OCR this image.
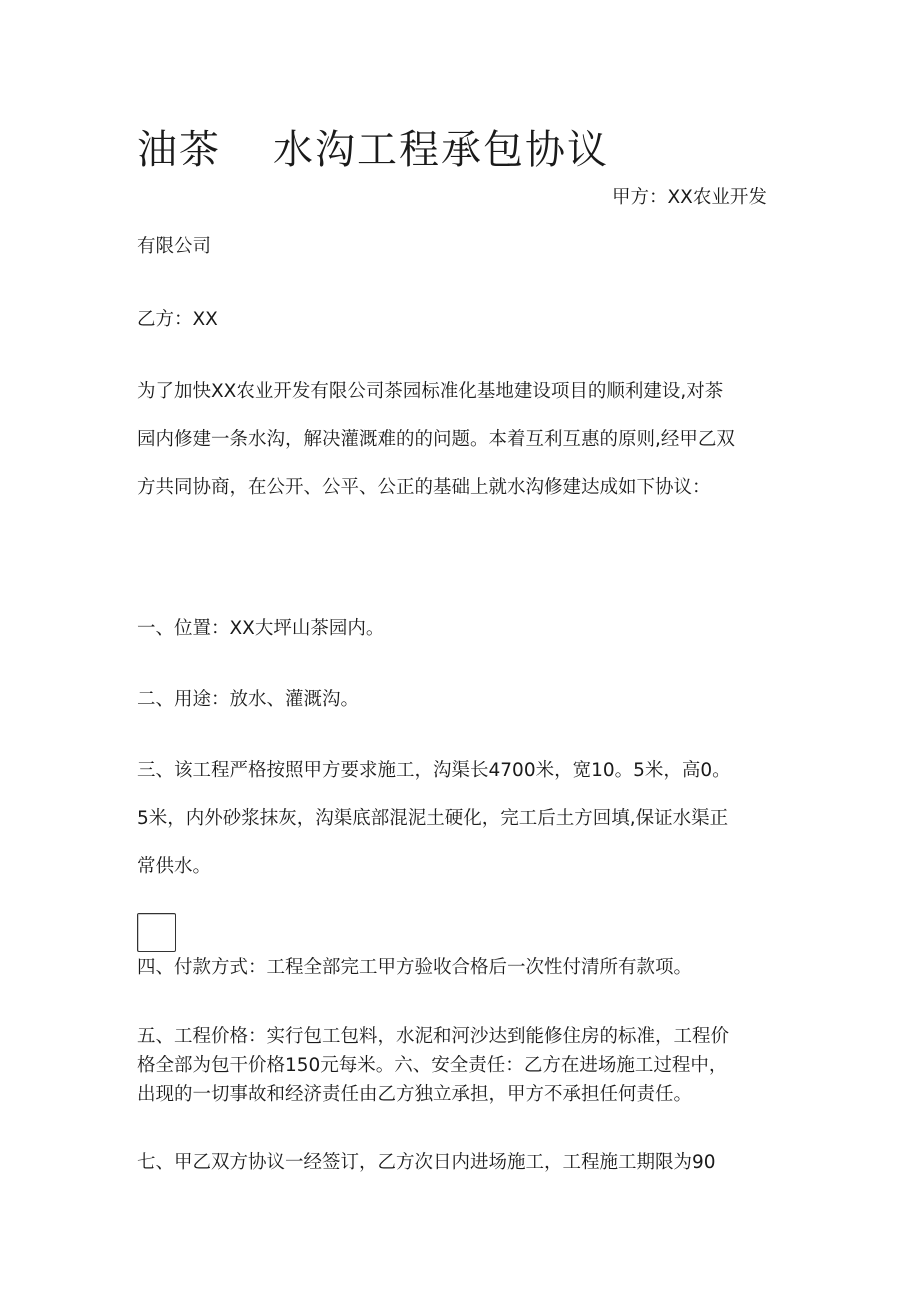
油茶 水沟工程承包协议

甲方：XX农业开发

有限公司

乙方：XX

为了加快XX农业开发有限公司茶园标准化基地建设项目的顺利建设,对茶

园内修建一条水沟，解决灌溉难的的问题。本着互利互惠的原则,经甲乙双

方共同协商，在公开、公平、公正的基础上就水沟修建达成如下协议：

一、位置：XX大坪山茶园内。

二、用途：放水、灌溉沟。

三、该工程严格按照甲方要求施工，沟渠长4700米，宽10。5米，高0。

5米，内外砂浆抹灰，沟渠底部混泥土硬化，完工后土方回填,保证水渠正

常供水。

四、付款方式：工程全部完工甲方验收合格后一次性付清所有款项。

五、工程价格：实行包工包料，水泥和河沙达到能修住房的标准，工程价

格全部为包干价格150元每米。六、安全责任：乙方在进场施工过程中，

出现的一切事故和经济责任由乙方独立承担，甲方不承担任何责任。

七、甲乙双方协议一经签订，乙方次日内进场施工，工程施工期限为90
